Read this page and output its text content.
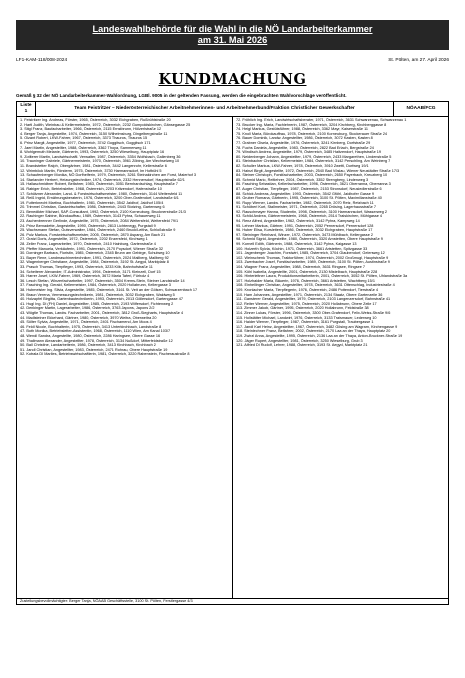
Landeswahlbehörde für die Wahl in die NÖ Landarbeiterkammer
am 31. Mai 2026
LF1-KAM-118/008-2024	St. Pölten, am 27. April 2026
KUNDMACHUNG
Gemäß § 32 der NÖ Landarbeiterkammer-Wahlordnung, LGBl. 9005 in der geltenden Fassung, werden die eingebrachten Wahlvorschläge veröffentlicht.
Liste 1	Team Feistritzer – Niederösterreichischer Arbeitnehmerinnen- und Arbeitnehmerbund/Fraktion Christlicher Gewerkschafter	NÖAAB/FCG
1. Feistritzer Ing. Andreas, Förster, 1965, Österreich, 3032 Eichgraben, Rußbühlstraße 20
2. Hartl Judith, Weinbau & Kellermeisterin, 1972, Österreich, 2232 Gumpoldskirchen, Gänsegasse 25
3. Stigl Franz, Baufacharbeiter, 1966, Österreich, 2115 Ernstbrunn, Hölzerlstraße 12
4. Berger Tanja, Angestellte, 1974, Österreich, 3150 Wilhelmsburg, Dingelbergstraße 11
5. Olzant Robert, LKW-Fahrer, 1967, Österreich, 3373 Thauros, Thauros 15
6. Prinz Margit, Angestellte, 1977, Österreich, 3742 Goggitsch, Goggitsch 171
7. Jaeri Martin, Angestellter, 1988, Österreich, 3362 Thoya, Sammerweg 11
8. Wohlgemuth Melanie, Gärtnerin, 1993, Österreich, 3250 Wieselburg, Hauptplatz 16
9. Zotlterer Martin, Landwirtschaftl. Verwalter, 1987, Österreich, 3354 Wolfsbach, Gallenberg 36
10. Trauninger Gabriele, Gärtnermeisterin, 1970, Österreich, 3961 Zöbing, Am Wechselweg 10
11. Brandstetter Ralph, Obergärtner, 1981, Österreich, 3442 Langenrohr, Kellerstraße 6
12. Wrimböck Martin, Försterm, 1975, Österreich, 3730 Harmannsdorf, Im Hofbühl 5
13. Schaufenberger Monika, NÖ Dorfhelferin, 1979, Österreich, 3261 Steinakirchen am Forst, Maierhof 3
14. Starlander Herbert, Heizungstechniker, 1974, Österreich, 2332 Hennersdorf, Hauptstraße 62/1
15. Hallaschmidtner Robert, Beifahrer, 1983, Österreich, 3051 Bernhardschlag, Hauptstraße 7
16. Rabiger Erich, Betriebsleiter, 1968, Österreich, 2203 Kritzendorf, Hafenstraße 10
17. Schützner Alexander, Land- & Forstwirtschaftsmeister, 1980, Österreich, 3144 Weitersfeld 11
18. Reiß Ingrid, Ernährungsberaterin, 1976, Österreich, 3200 Ober-Grafendorf, Landstraße 6/1
19. Futterknecht Martina, Buchhalterin, 1981, Österreich, 3542 Jaidhof, Jaidhof 105/4
20. Trimmel Christian, Gastwirtschafter, 1986, Österreich, 2443 Stotzing, Gartenweg 6
21. Benedikter Michael, SAP-Consultant, 1992, Österreich, 2100 Korneuburg, Brucknerstraße 21/3
22. Rauhinger Sabine, Bürokauffrau, 1989, Österreich, 3143 Pyhra, Schauerweg 11
23. Aschenbrenner Gerlinde, Angestellte, 1975, Österreich, 2084 Weitersfeld, Weitersfeld 79/1
24. Prinz Bernadette, Angestellte, 1990, Österreich, 2813 Lichtenegg, Purgstall 9
25. Wachsmann Stefan, Gutsverwalter, 1984, Österreich, 2460 Bruck/Leitha, Schloßstraße 9
26. Pulz Markus, Forstwirtschaftsmeister, 2005, Österreich, 2870 Aspang, Am Bach 21
27. Gratzl Doris, Angestellte, 1972, Österreich, 2202 Enzersfeld, Kirchweg 1
28. Zeller Franz, Lagerarbeiter, 1970, Österreich, 2410 Hainburg, Gartenstraße 4
29. Pfeffer Manuela, Verkäuferin, 1991, Österreich, 2170 Poysdorf, Wiener Straße 32
30. Dorninger Barbara, Floristin, 1985, Österreich, 2345 Brunn am Gebirge, Schulweg 10
31. Bayer Rene, Landmaschinentechniker, 1991, Österreich, 2024 Mailberg, Mailberg 92
32. Wagenberger Christiane, Angestellte, 1984, Österreich, 3192 St. Aegyd, Marktplatz 8
33. Prasch Thomas, Tierpfleger, 1993, Österreich, 3233 Kilb, Bahnhofstraße 11
34. Scheiterer Alexander, IT-Administrator, 1994, Österreich, 3171 Kleinzell, Dorf 15
35. Harrer Josef, LKW-Fahrer, 1969, Österreich, 3672 Maria Taferl, Fürholz 4
36. Lesch Stefan, Winzerfacharbeiter, 1997, Österreich, 3504 Krems-Stein, Steiner Landstraße 14
37. Fasching Ing. Gerald, Kellermeister, 1984, Österreich, 2020 Hollabrunn, Kellergasse 3
38. Hubmeister Ing. Silvia, Angestellte, 1985, Österreich, 3161 St. Veit an der Gölsen, Schwarzenbach 17
39. Braun Verena, Vermessungstechnikerin, 1981, Österreich, 3032 Eichgraben, Waldweg 5
40. Holzapfel Birgitta, Gartenbautechnikerin, 1993, Österreich, 2013 Göllersdorf, Gartengasse 47
41. Hugl Ing. DI (FH) Daniel, Angestellter, 1985, Österreich, 2193 Wilfersdorf, Fichtenweg 2
42. Denkinger Martin, Lagerarbeiter, 1986, Österreich, 3763 Japons, Japons 2/2
43. Wögtle Thomas, Landw. Facharbeiter, 2001, Österreich, 3812 Groß-Siegharts, Hauptstraße 4
44. Madlsteiner Ekkehard, Gärtner, 1980, Österreich, 3970 Weitra, Oberweitra 20
45. Sölter Sylvia, Angestellte, 1971, Österreich, 2401 Fischamend, Am Moos 4
46. Feldl Nicole, Buchhalterin, 1975, Österreich, 3413 Unterkirchbach, Landstraße 8
47. Both Monika, Betriebsleiter-Assistentin, 1968, Österreich, 1110 Wien, Am Kanal 103/7
48. Wendl Sandra, Angestellte, 1980, Österreich, 2286 Haringsee, Obere Gasse 16
49. Thallmann Alexander, Angestellter, 1978, Österreich, 3134 Nußdorf, Mitterfeldstraße 12
50. Ball Christine, Landarbeiterin, 1986, Österreich, 3413 Kirchbach, Kirchbach 2
51. Jandl Christian, Angestellter, 1983, Österreich, 2471 Rohrau, Obere Hauptstraße 19
52. Kotrala DI Marlies, Betriebswirtschaftlerin, 1981, Österreich, 3220 Rabenstein, Fischeraustraße 8
72. Fröhlich Ing. Erich, Landwirtschaftsberater, 1971, Österreich, 3631 Schwarzenau, Schwarzenau 1
73. Brucker Ing. Maria, Fachlehrerin, 1987, Österreich, 3204 Kirchberg, Kirchberggasse 8
74. Heigl Markus, Gestütsführer, 1988, Österreich, 3362 Mayr, Kaiserstraße 11
75. Knoll Maria, Bürokauffrau, 1978, Österreich, 2100 Korneuburg, Stockerauer Straße 24
76. Bauer Dominik, Landw. Angestellter, 1986, Österreich, 3072 Kasten, Kasten 8
77. Grabner Gisela, Angestellte, 1976, Österreich, 3241 Kirnberg, Dorfstraße 29
78. Fuchs Daniela, Angestellte, 1983, Österreich, 2822 Bad Erlach, Bergstraße 24
79. Windisch Andrea, Angestellte, 1979, Österreich, 3485 Haitzendorf, Hauptstraße 19
80. Neidenberger Johann, Angestellter, 1979, Österreich, 2433 Margarethen, Lindenstraße 5
81. Steinbacher Christian, Kellermeister, 1984, Österreich, 3142 Perschling, Am Weinberg 7
82. Schuller Markus, LKW-Fahrer, 1978, Österreich, 3910 Zwettl, Dorfweg 19/1
83. Hainzl Birgit, Angestellte, 1972, Österreich, 2540 Bad Vöslau, Wiener Neustädter Straße 17/3
84. Steiner Christoph, Forstfacharbeiter, 2003, Österreich, 2650 Payerbach, Kreuzberg 10
85. Schmid Mario, Reitlehrer, 2004, Österreich, 3352 Strengberg, Lindenweg 3
86. Fasching Sebastian, Kellerfacharbeiter, 1996, Österreich, 3621 Oberranna, Oberranna 3
87. Auger Christian, Tierpfleger, 1987, Österreich, 2153 Stronsdorf, Neusiedlerstraße 6
88. Schick Andreas, Angestellter, 1993, Österreich, 3542 Gföhl, Jaidhofer Gasse 9
89. Gruber Romana, Gärtnerin, 1995, Österreich, 3100 St. Pölten, Maximilianstraße 40
90. Rupp Werner, Landw. Facharbeiter, 1982, Österreich, 2070 Retz, Retzbach 11
91. Schöberl Kurt, Stallmeister, 1971, Österreich, 2265 Drösing, Lagerhausstraße 7
92. Rauschmayer Hanna, Studentin, 1998, Österreich, 3100 Harmannsdorf, Wasserweg 2
93. Schild Andrea, Gärtnermeisterin, 1968, Österreich, 2514 Traiskirchen, Mühlgasse 4
94. Renz Alfred, Angestellter, 1962, Österreich, 3142 Pyhra, Kampweg 14
95. Lehner Markus, Gärtner, 1991, Österreich, 2052 Pernersdorf, Pernersdorf 128
96. Huber Elisa, Kursleiterin, 1986, Österreich, 3032 Eichgraben, Hauptstraße 17
97. Steininger Reinhard, Winzer, 1972, Österreich, 3473 Mühlbach, Kellergasse 2
98. Schmid Sigrid, Angestellte, 1980, Österreich, 3320 Amstetten, Obere Hauptstraße 9
99. Kornell Edith, Gärtnerin, 1988, Österreich, 3142 Pyhra, Kaigasse 13
100. Holzerth Sylvia, Köchin, 1971, Österreich, 3661 Artstetten, Spitzgasse 33
101. Jagenberger Joachim, Forstwirt, 1985, Österreich, 3704 Glaubendorf, Gelenweg 12
102. Weinschenk Thomas, Traktorführer, 1974, Österreich, 2002 Großmugl, Hauptstraße 9
103. Zwerbacher Josef, Forstfacharbeiter, 1989, Österreich, 3100 St. Pölten, Austinstraße 9
104. Wagner Franz, Angestellter, 1988, Österreich, 3631 Ringsee, Ringsee 7
105. Köhl Isabella, Angestellte, 2001, Österreich, 2130 Mistelbach, Hauptstraße 228
106. Hinterleitner Laura, Produktionsmitarbeiterin, 2001, Österreich, 3052 St. Pölten, Uhlandstraße 3a
107. Holzhaider Maria, Bäuerin, 1976, Österreich, 3661 Artstetten, Wachtberg 15/1
108. Einhellinger Christian, Angestellter, 1978, Österreich, 3631 Ottenschlag, Industriestraße 4
109. Kronlacher Maria, Tierpflegerin, 1976, Österreich, 2486 Pottendorf, Tierstraße 4
110. Ham Johannes, Angestellter, 1971, Österreich, 2134 Staatz, Obere Gartenzeile 36
111. Gansterer Gerald, Angestellter, 1979, Österreich, 2103 Langenzersdorf, Bahnstraße 41
112. Reiter Werner, Angestellter, 1975, Österreich, 2020 Hollabrunn, Obere Zeile 17
113. Zimmer Jakob, Gärtner, 1995, Österreich, 2020 Hollabrunn, Feldstraße 38
114. Zinner Lukas, Förster, 1996, Österreich, 3300 Ober-Grafendorf, Felix-Weiss-Straße 9/6
115. Hollstätter Michael, Landwirt, 1976, Österreich, 3133 Traismauer, Lederweg 10
116. Haider Werner, Tierpfleger, 1987, Österreich, 3161 Purgstall, Traubergasse 1
117. Jandl Karl Heinz, Angestellter, 1967, Österreich, 3482 Gösing am Wagram, Kirchengasse 9
118. Steinlechner Franz, Beifahrer, 2002, Österreich, 2170 Laa an der Thaya, Hauptplatz 20
119. Zwirzl Anna, Angestellte, 1995, Österreich, 2136 Laa an der Thaya, Anton-Bruckner-Straße 19
120. Jäger Rupert, Angestellter, 1981, Österreich, 3250 Wieselburg, Grub 3
121. Alfried Di Rudolf, Lehrer, 1988, Österreich, 3193 St. Aegyd, Marktplatz 21
Zustellungsbevollmächtigter: Berger Tanja, NÖAAB Geschäftsstelle, 3100 St. Pölten, Ferstlergasse 4/3
